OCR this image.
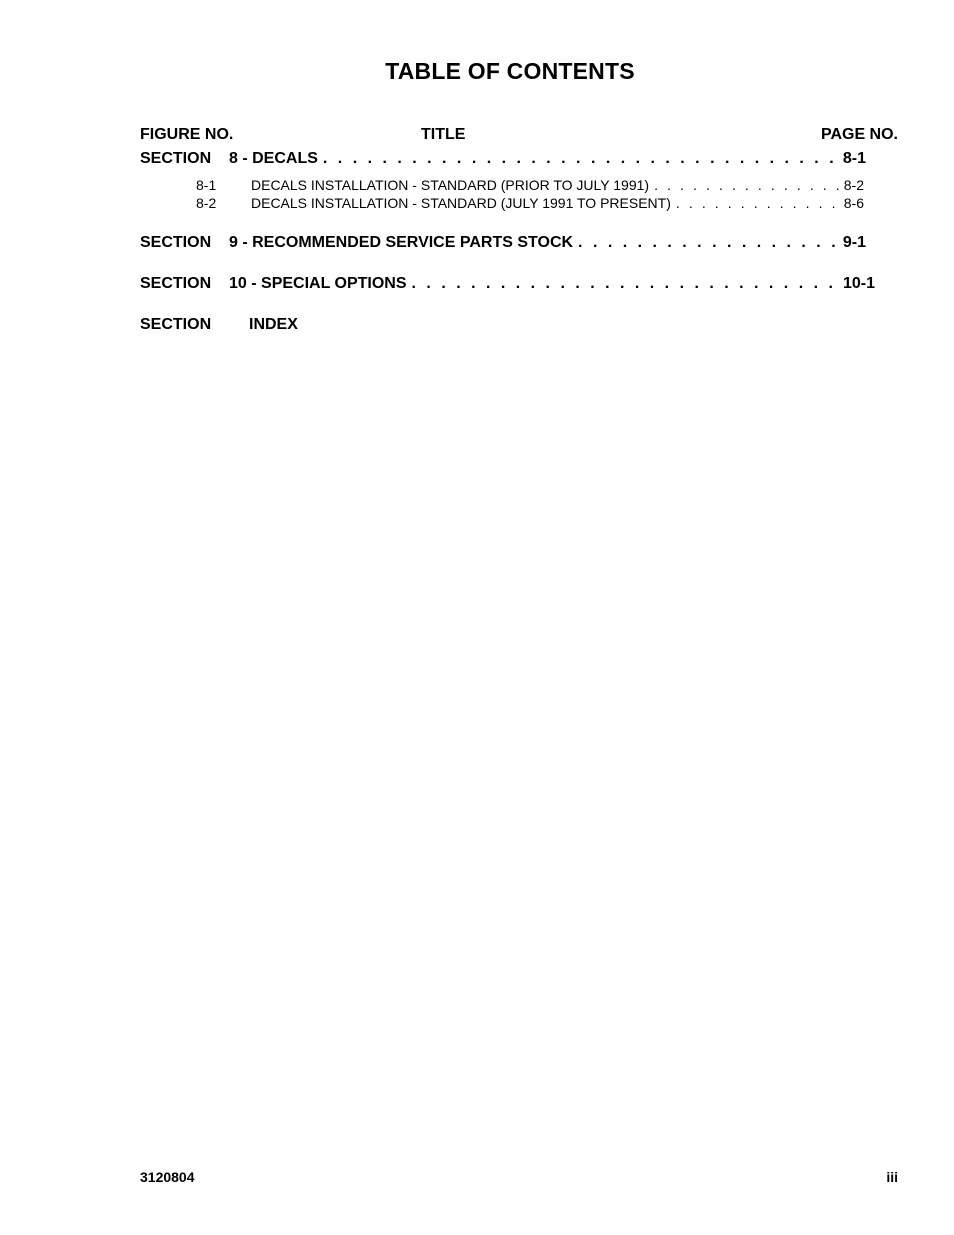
TABLE OF CONTENTS
FIGURE NO.	TITLE	PAGE NO.
SECTION	8 - DECALS . . .	8-1
8-1	DECALS INSTALLATION - STANDARD (PRIOR TO JULY 1991) . . .	8-2
8-2	DECALS INSTALLATION - STANDARD (JULY 1991 TO PRESENT) . . .	8-6
SECTION	9 - RECOMMENDED SERVICE PARTS STOCK . . .	9-1
SECTION	10 - SPECIAL OPTIONS . . .	10-1
SECTION	INDEX
3120804	iii
